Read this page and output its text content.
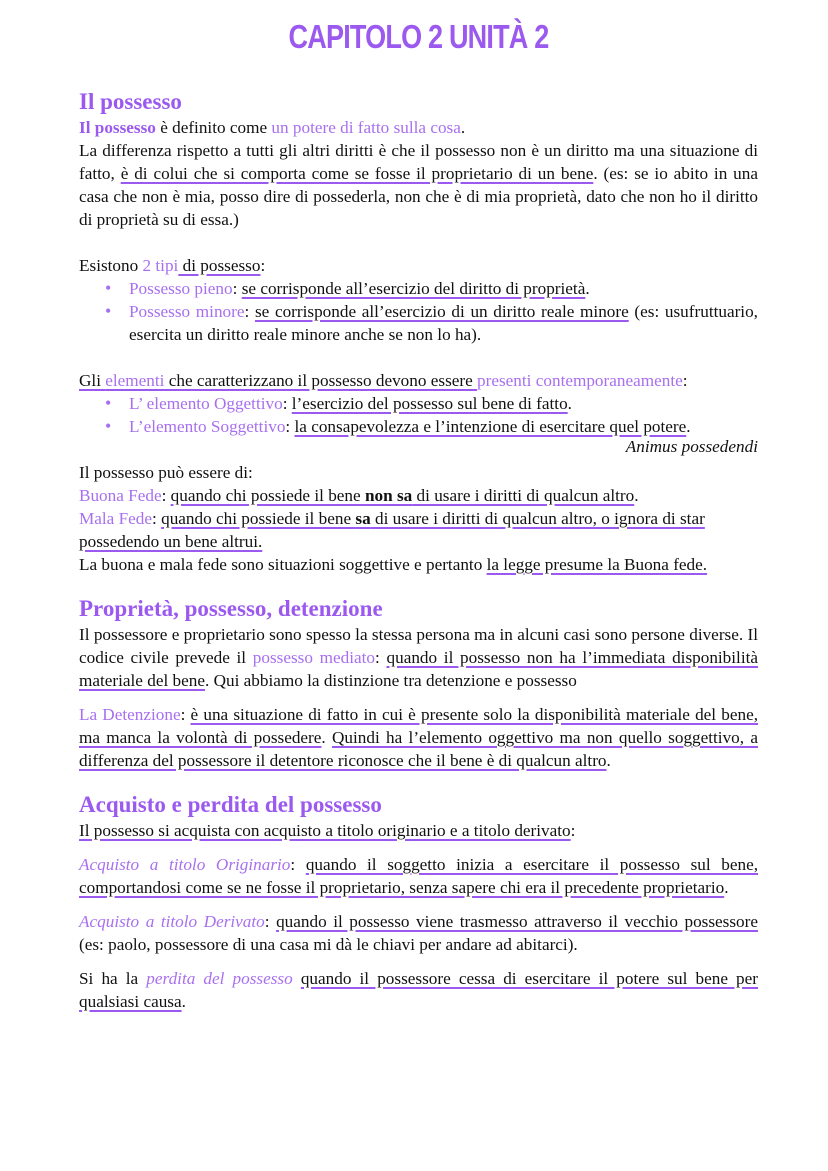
CAPITOLO 2 UNITÀ 2
Il possesso

Il possesso è definito come un potere di fatto sulla cosa.

La differenza rispetto a tutti gli altri diritti è che il possesso non è un diritto ma una situazione di fatto, è di colui che si comporta come se fosse il proprietario di un bene. (es: se io abito in una casa che non è mia, posso dire di possederla, non che è di mia proprietà, dato che non ho il diritto di proprietà su di essa.)

Esistono 2 tipi di possesso:

• Possesso pieno: se corrisponde all’esercizio del diritto di proprietà.
• Possesso minore: se corrisponde all’esercizio di un diritto reale minore (es: usufruttuario, esercita un diritto reale minore anche se non lo ha).

Gli elementi che caratterizzano il possesso devono essere presenti contemporaneamente:

• L’ elemento Oggettivo: l’esercizio del possesso sul bene di fatto.
• L’elemento Soggettivo: la consapevolezza e l’intenzione di esercitare quel potere.

Animus possedendi

Il possesso può essere di:

Buona Fede: quando chi possiede il bene non sa di usare i diritti di qualcun altro.

Mala Fede: quando chi possiede il bene sa di usare i diritti di qualcun altro, o ignora di star possedendo un bene altrui.

La buona e mala fede sono situazioni soggettive e pertanto la legge presume la Buona fede.

Proprietà, possesso, detenzione

Il possessore e proprietario sono spesso la stessa persona ma in alcuni casi sono persone diverse. Il codice civile prevede il possesso mediato: quando il possesso non ha l’immediata disponibilità materiale del bene. Qui abbiamo la distinzione tra detenzione e possesso

La Detenzione: è una situazione di fatto in cui è presente solo la disponibilità materiale del bene, ma manca la volontà di possedere. Quindi ha l’elemento oggettivo ma non quello soggettivo, a differenza del possessore il detentore riconosce che il bene è di qualcun altro.

Acquisto e perdita del possesso

Il possesso si acquista con acquisto a titolo originario e a titolo derivato:

Acquisto a titolo Originario: quando il soggetto inizia a esercitare il possesso sul bene, comportandosi come se ne fosse il proprietario, senza sapere chi era il precedente proprietario.

Acquisto a titolo Derivato: quando il possesso viene trasmesso attraverso il vecchio possessore (es: paolo, possessore di una casa mi dà le chiavi per andare ad abitarci).

Si ha la perdita del possesso quando il possessore cessa di esercitare il potere sul bene per qualsiasi causa.
